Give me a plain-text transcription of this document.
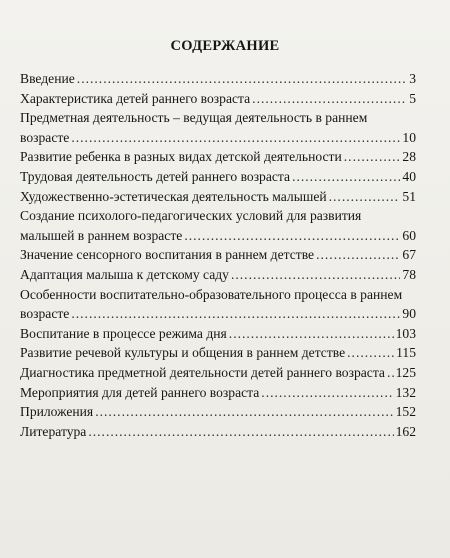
СОДЕРЖАНИЕ
Введение .....	3
Характеристика детей раннего возраста .....	5
Предметная деятельность – ведущая деятельность в раннем
возрасте .....	10
Развитие ребенка в разных видах детской деятельности .....	28
Трудовая деятельность детей раннего возраста .....	40
Художественно-эстетическая деятельность малышей .....	51
Создание психолого-педагогических условий для развития
малышей в раннем возрасте .....	60
Значение сенсорного воспитания в раннем детстве .....	67
Адаптация малыша к детскому саду .....	78
Особенности воспитательно-образовательного процесса в раннем
возрасте .....	90
Воспитание в процессе режима дня .....	103
Развитие речевой культуры и общения в раннем детстве .....	115
Диагностика предметной деятельности детей раннего возраста ..... 125
Мероприятия для детей раннего возраста .....	132
Приложения .....	152
Литература .....	162
